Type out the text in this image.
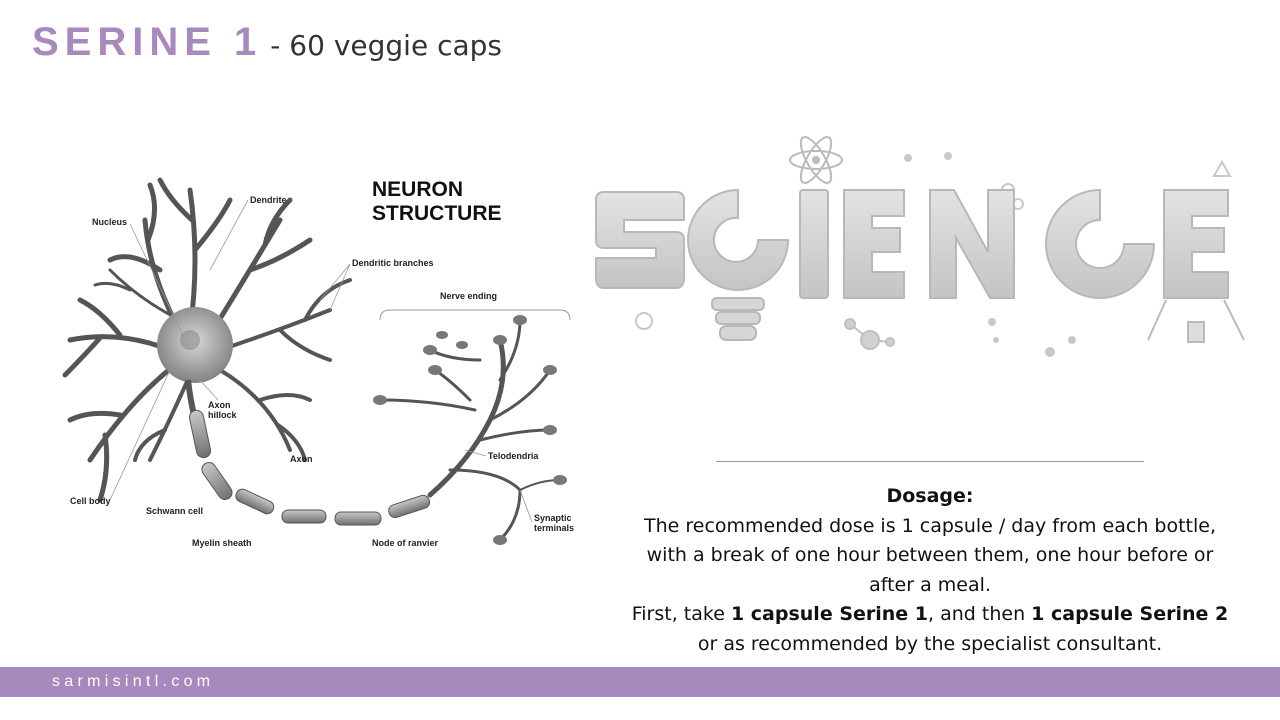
SERINE 1 - 60 veggie caps
NEURON
STRUCTURE
Dendrite
Nucleus
Dendritic branches
Nerve ending
Axon
hillock
Axon	Telodendria
Cell body
Schwann cell
Synaptic
terminals
Myelin sheath	Node of ranvier
Dosage:
The recommended dose is 1 capsule / day from each bottle,
with a break of one hour between them, one hour before or
after a meal.
First, take 1 capsule Serine 1, and then 1 capsule Serine 2
or as recommended by the specialist consultant.
sarmisintl.com
